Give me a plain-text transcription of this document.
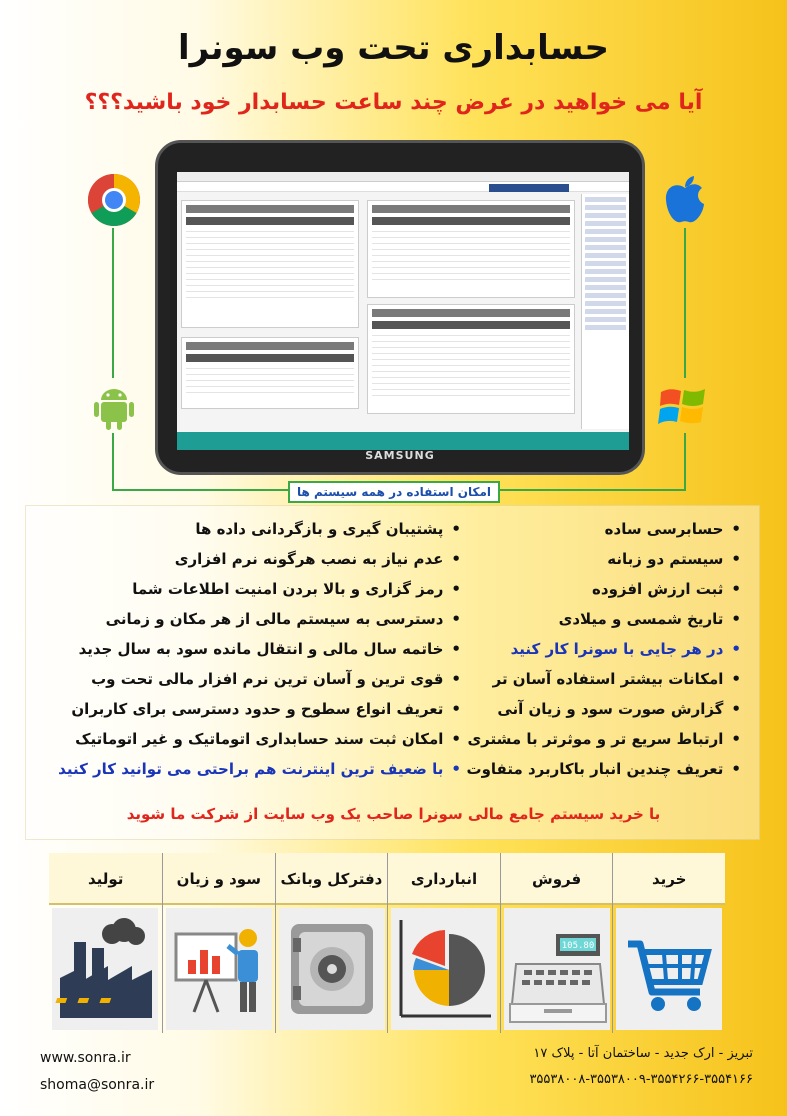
حسابداری تحت وب سونرا
آیا می خواهید در عرض چند ساعت حسابدار خود باشید؟؟؟
SAMSUNG
امکان استفاده در همه سیستم ها
• حسابرسی ساده
• سیستم دو زبانه
• ثبت ارزش افزوده
• تاریخ شمسی و میلادی
• در هر جایی با سونرا کار کنید
• امکانات بیشتر استفاده آسان تر
• گزارش صورت سود و زیان آنی
• ارتباط سریع تر و موثرتر با مشتری
• تعریف چندین انبار باکاربرد متفاوت
• پشتیبان گیری و بازگردانی داده ها
• عدم نیاز به نصب هرگونه نرم افزاری
• رمز گزاری و بالا بردن امنیت اطلاعات شما
• دسترسی به سیستم مالی از هر مکان و زمانی
• خاتمه سال مالی و انتقال مانده سود به سال جدید
• قوی ترین و آسان ترین نرم افزار مالی تحت وب
• تعریف انواع سطوح و حدود دسترسی برای کاربران
• امکان ثبت سند حسابداری اتوماتیک و غیر اتوماتیک
• با ضعیف ترین اینترنت هم براحتی می توانید کار کنید
با خرید سیستم جامع مالی سونرا صاحب یک وب سایت از شرکت ما شوید
خرید
فروش
105.80
انبارداری
دفترکل وبانک
سود و زیان
تولید
www.sonra.ir
shoma@sonra.ir
تبریز - ارک جدید - ساختمان آتا - پلاک ۱۷
۳۵۵۳۸۰۰۸-۳۵۵۳۸۰۰۹-۳۵۵۴۲۶۶-۳۵۵۴۱۶۶
